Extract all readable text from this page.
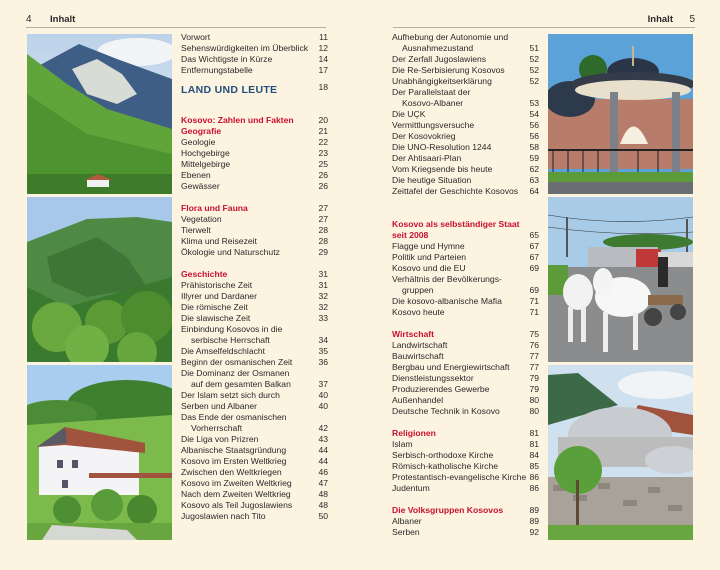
4 Inhalt
Vorwort	11
Sehenswürdigkeiten im Überblick	12
Das Wichtigste in Kürze	14
Entfernungstabelle	17
LAND UND LEUTE	18
Kosovo: Zahlen und Fakten	20
Geografie	21
Geologie	22
Hochgebirge	23
Mittelgebirge	25
Ebenen	26
Gewässer	26
Flora und Fauna	27
Vegetation	27
Tierwelt	28
Klima und Reisezeit	28
Ökologie und Naturschutz	29
Geschichte	31
Prähistorische Zeit	31
Illyrer und Dardaner	32
Die römische Zeit	32
Die slawische Zeit	33
Einbindung Kosovos in die
serbische Herrschaft	34
Die Amselfeldschlacht	35
Beginn der osmanischen Zeit	36
Die Dominanz der Osmanen
auf dem gesamten Balkan	37
Der Islam setzt sich durch	40
Serben und Albaner	40
Das Ende der osmanischen
Vorherrschaft	42
Die Liga von Prizren	43
Albanische Staatsgründung	44
Kosovo im Ersten Weltkrieg	44
Zwischen den Weltkriegen	46
Kosovo im Zweiten Weltkrieg	47
Nach dem Zweiten Weltkrieg	48
Kosovo als Teil Jugoslawiens	48
Jugoslawien nach Tito	50
Inhalt 5
Aufhebung der Autonomie und
Ausnahmezustand	51
Der Zerfall Jugoslawiens	52
Die Re-Serbisierung Kosovos	52
Unabhängigkeitserklärung	52
Der Parallelstaat der
Kosovo-Albaner	53
Die UÇK	54
Vermittlungsversuche	56
Der Kosovokrieg	56
Die UNO-Resolution 1244	58
Der Ahtisaari-Plan	59
Vom Kriegsende bis heute	62
Die heutige Situation	63
Zeittafel der Geschichte Kosovos	64
Kosovo als selbständiger Staat
seit 2008	65
Flagge und Hymne	67
Politik und Parteien	67
Kosovo und die EU	69
Verhältnis der Bevölkerungs-
gruppen	69
Die kosovo-albanische Mafia	71
Kosovo heute	71
Wirtschaft	75
Landwirtschaft	76
Bauwirtschaft	77
Bergbau und Energiewirtschaft	77
Dienstleistungssektor	79
Produzierendes Gewerbe	79
Außenhandel	80
Deutsche Technik in Kosovo	80
Religionen	81
Islam	81
Serbisch-orthodoxe Kirche	84
Römisch-katholische Kirche	85
Protestantisch-evangelische Kirche 86
Judentum	86
Die Volksgruppen Kosovos	89
Albaner	89
Serben	92
